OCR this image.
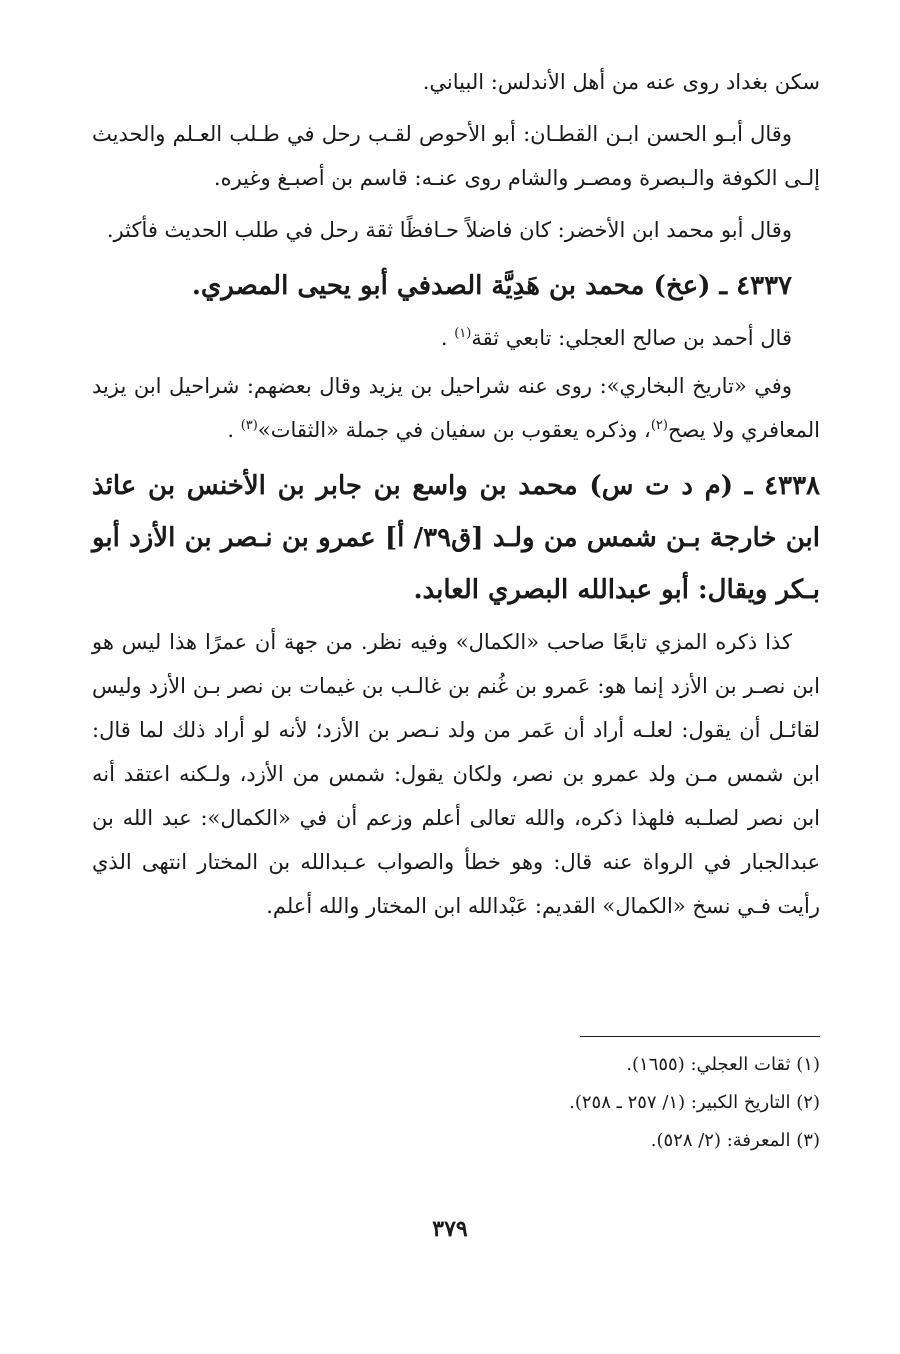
سكن بغداد روى عنه من أهل الأندلس: البياني.

وقال أبـو الحسن ابـن القطـان: أبو الأحوص لقـب رحل في طـلب العـلم والحديث إلـى الكوفة والـبصرة ومصـر والشام روى عنـه: قاسم بن أصبـغ وغيره.

وقال أبو محمد ابن الأخضر: كان فاضلاً حـافظًا ثقة رحل في طلب الحديث فأكثر.

٤٣٣٧ ـ (عخ) محمد بن هَدِيَّة الصدفي أبو يحيى المصري.

قال أحمد بن صالح العجلي: تابعي ثقة$^{(١)}$ .

وفي «تاريخ البخاري»: روى عنه شراحيل بن يزيد وقال بعضهم: شراحيل ابن يزيد المعافري ولا يصح$^{(٢)}$، وذكره يعقوب بن سفيان في جملة «الثقات»$^{(٣)}$ .

٤٣٣٨ ـ (م د ت س) محمد بن واسع بن جابر بن الأخنس بن عائذ ابن خارجة بـن شمس من ولـد [ق٣٩/ أ] عمرو بن نـصر بن الأزد أبو بـكر ويقال: أبو عبدالله البصري العابد.

كذا ذكره المزي تابعًا صاحب «الكمال» وفيه نظر. من جهة أن عمرًا هذا ليس هو ابن نصـر بن الأزد إنما هو: عَمرو بن غُنم بن غالـب بن غيمات بن نصر بـن الأزد وليس لقائـل أن يقول: لعلـه أراد أن عَمر من ولد نـصر بن الأزد؛ لأنه لو أراد ذلك لما قال: ابن شمس مـن ولد عمرو بن نصر، ولكان يقول: شمس من الأزد، ولـكنه اعتقد أنه ابن نصر لصلـبه فلهذا ذكره، والله تعالى أعلم وزعم أن في «الكمال»: عبد الله بن عبدالجبار في الرواة عنه قال: وهو خطأ والصواب عـبدالله بن المختار انتهى الذي رأيت فـي نسخ «الكمال» القديم: عَبْدالله ابن المختار والله أعلم.

(١) ثقات العجلي: (١٦٥٥).

(٢) التاريخ الكبير: (١/ ٢٥٧ ـ ٢٥٨).

(٣) المعرفة: (٢/ ٥٢٨).

٣٧٩
